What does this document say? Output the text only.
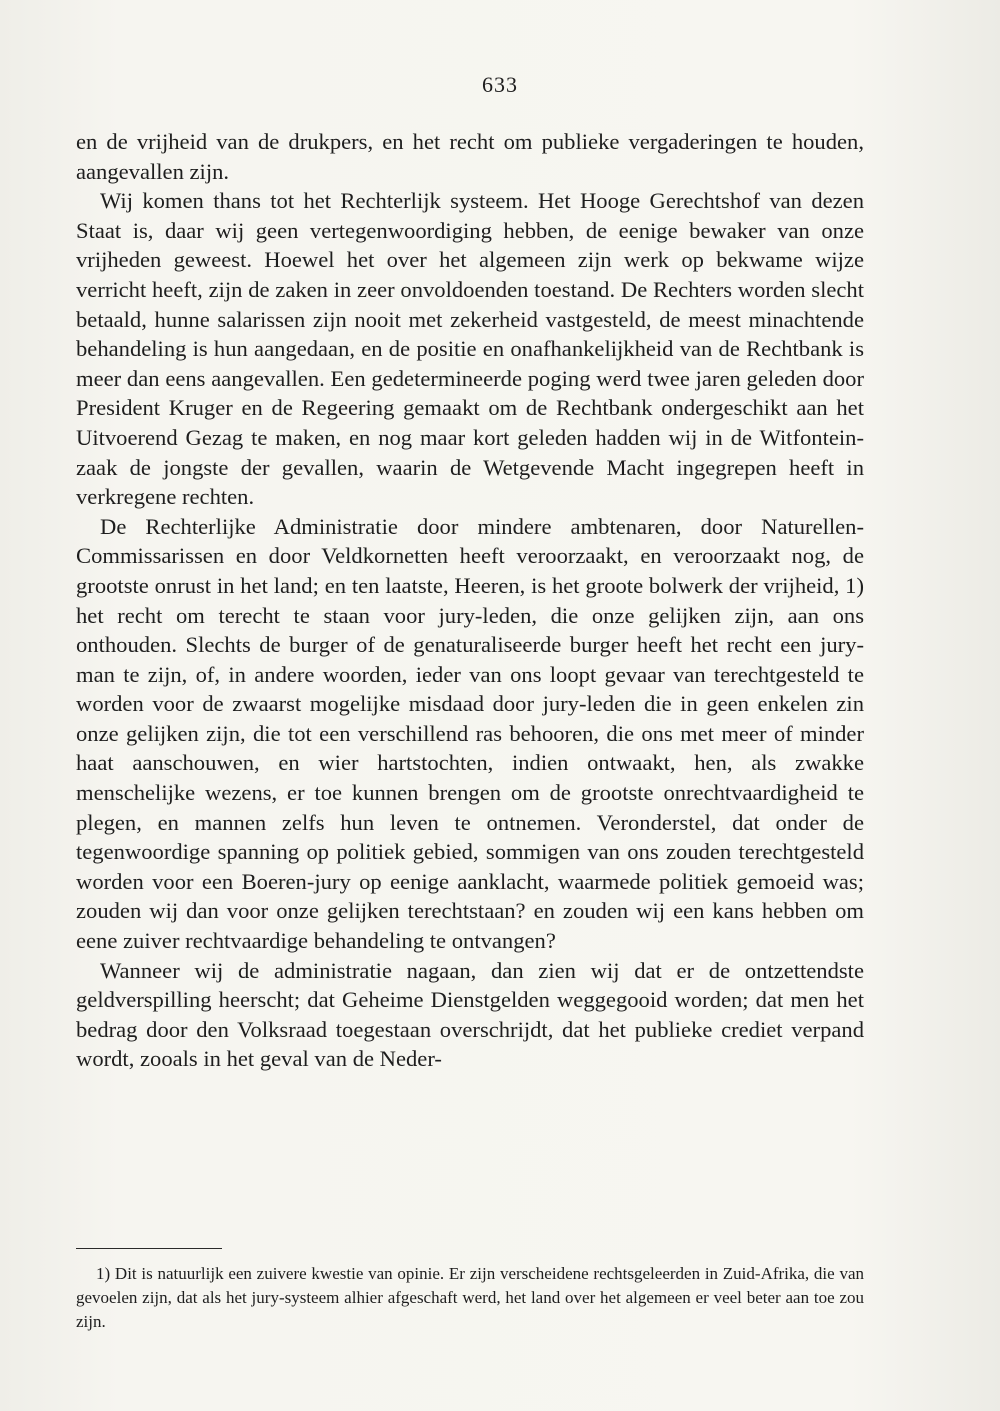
633

en de vrijheid van de drukpers, en het recht om publieke vergaderingen te houden, aangevallen zijn.

Wij komen thans tot het Rechterlijk systeem. Het Hooge Gerechtshof van dezen Staat is, daar wij geen vertegenwoordiging hebben, de eenige bewaker van onze vrijheden geweest. Hoewel het over het algemeen zijn werk op bekwame wijze verricht heeft, zijn de zaken in zeer onvoldoenden toestand. De Rechters worden slecht betaald, hunne salarissen zijn nooit met zekerheid vastgesteld, de meest minachtende behandeling is hun aangedaan, en de positie en onafhankelijkheid van de Rechtbank is meer dan eens aangevallen. Een gedetermineerde poging werd twee jaren geleden door President Kruger en de Regeering gemaakt om de Rechtbank ondergeschikt aan het Uitvoerend Gezag te maken, en nog maar kort geleden hadden wij in de Witfontein-zaak de jongste der gevallen, waarin de Wetgevende Macht ingegrepen heeft in verkregene rechten.

De Rechterlijke Administratie door mindere ambtenaren, door Naturellen-Commissarissen en door Veldkornetten heeft veroorzaakt, en veroorzaakt nog, de grootste onrust in het land; en ten laatste, Heeren, is het groote bolwerk der vrijheid, 1) het recht om terecht te staan voor jury-leden, die onze gelijken zijn, aan ons onthouden. Slechts de burger of de genaturaliseerde burger heeft het recht een jury-man te zijn, of, in andere woorden, ieder van ons loopt gevaar van terechtgesteld te worden voor de zwaarst mogelijke misdaad door jury-leden die in geen enkelen zin onze gelijken zijn, die tot een verschillend ras behooren, die ons met meer of minder haat aanschouwen, en wier hartstochten, indien ontwaakt, hen, als zwakke menschelijke wezens, er toe kunnen brengen om de grootste onrechtvaardigheid te plegen, en mannen zelfs hun leven te ontnemen. Veronderstel, dat onder de tegenwoordige spanning op politiek gebied, sommigen van ons zouden terechtgesteld worden voor een Boeren-jury op eenige aanklacht, waarmede politiek gemoeid was; zouden wij dan voor onze gelijken terechtstaan? en zouden wij een kans hebben om eene zuiver rechtvaardige behandeling te ontvangen?

Wanneer wij de administratie nagaan, dan zien wij dat er de ontzettendste geldverspilling heerscht; dat Geheime Dienstgelden weggegooid worden; dat men het bedrag door den Volksraad toegestaan overschrijdt, dat het publieke crediet verpand wordt, zooals in het geval van de Neder-

1) Dit is natuurlijk een zuivere kwestie van opinie. Er zijn verscheidene rechtsgeleerden in Zuid-Afrika, die van gevoelen zijn, dat als het jury-systeem alhier afgeschaft werd, het land over het algemeen er veel beter aan toe zou zijn.
